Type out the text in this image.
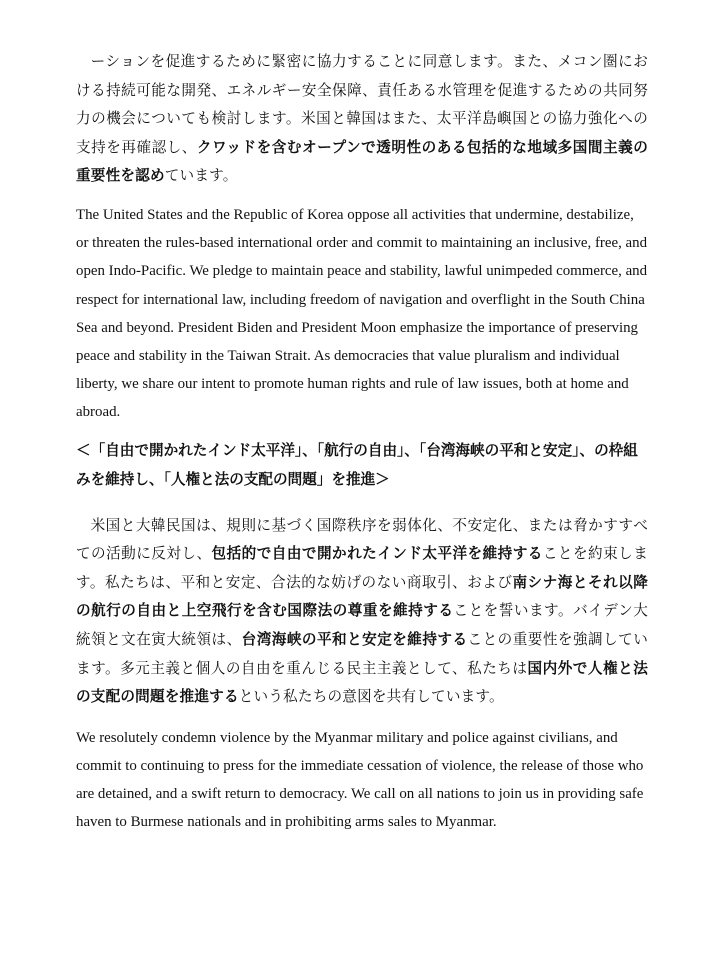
ーションを促進するために緊密に協力することに同意します。また、メコン圏における持続可能な開発、エネルギー安全保障、責任ある水管理を促進するための共同努力の機会についても検討します。米国と韓国はまた、太平洋島嶼国との協力強化への支持を再確認し、クワッドを含むオープンで透明性のある包括的な地域多国間主義の重要性を認めています。

The United States and the Republic of Korea oppose all activities that undermine, destabilize, or threaten the rules-based international order and commit to maintaining an inclusive, free, and open Indo-Pacific. We pledge to maintain peace and stability, lawful unimpeded commerce, and respect for international law, including freedom of navigation and overflight in the South China Sea and beyond. President Biden and President Moon emphasize the importance of preserving peace and stability in the Taiwan Strait. As democracies that value pluralism and individual liberty, we share our intent to promote human rights and rule of law issues, both at home and abroad.

＜「自由で開かれたインド太平洋」、「航行の自由」、「台湾海峡の平和と安定」、の枠組みを維持し、「人権と法の支配の問題」を推進＞

米国と大韓民国は、規則に基づく国際秩序を弱体化、不安定化、または脅かすすべての活動に反対し、包括的で自由で開かれたインド太平洋を維持することを約束します。私たちは、平和と安定、合法的な妨げのない商取引、および南シナ海とそれ以降の航行の自由と上空飛行を含む国際法の尊重を維持することを誓います。バイデン大統領と文在寅大統領は、台湾海峡の平和と安定を維持することの重要性を強調しています。多元主義と個人の自由を重んじる民主主義として、私たちは国内外で人権と法の支配の問題を推進するという私たちの意図を共有しています。

We resolutely condemn violence by the Myanmar military and police against civilians, and commit to continuing to press for the immediate cessation of violence, the release of those who are detained, and a swift return to democracy. We call on all nations to join us in providing safe haven to Burmese nationals and in prohibiting arms sales to Myanmar.
